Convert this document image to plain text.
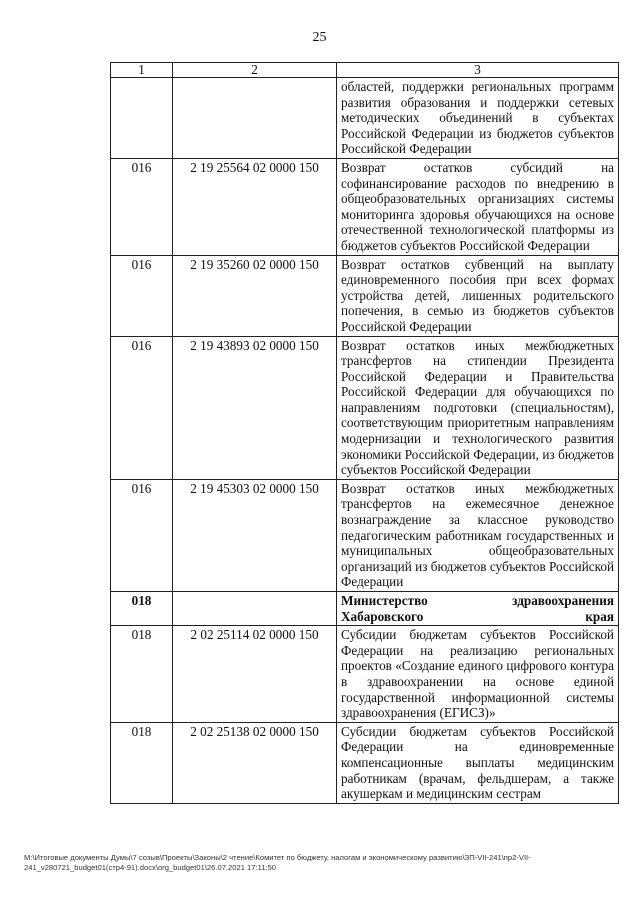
25
1	2	3
		областей, поддержки региональных программ развития образования и поддержки сетевых методических объединений в субъектах Российской Федерации из бюджетов субъектов Российской Федерации
016	2 19 25564 02 0000 150	Возврат остатков субсидий на софинансирование расходов по внедрению в общеобразовательных организациях системы мониторинга здоровья обучающихся на основе отечественной технологической платформы из бюджетов субъектов Российской Федерации
016	2 19 35260 02 0000 150	Возврат остатков субвенций на выплату единовременного пособия при всех формах устройства детей, лишенных родительского попечения, в семью из бюджетов субъектов Российской Федерации
016	2 19 43893 02 0000 150	Возврат остатков иных межбюджетных трансфертов на стипендии Президента Российской Федерации и Правительства Российской Федерации для обучающихся по направлениям подготовки (специальностям), соответствующим приоритетным направлениям модернизации и технологического развития экономики Российской Федерации, из бюджетов субъектов Российской Федерации
016	2 19 45303 02 0000 150	Возврат остатков иных межбюджетных трансфертов на ежемесячное денежное вознаграждение за классное руководство педагогическим работникам государственных и муниципальных общеобразовательных организаций из бюджетов субъектов Российской Федерации
018		Министерство здравоохранения Хабаровского края
018	2 02 25114 02 0000 150	Субсидии бюджетам субъектов Российской Федерации на реализацию региональных проектов «Создание единого цифрового контура в здравоохранении на основе единой государственной информационной системы здравоохранения (ЕГИСЗ)»
018	2 02 25138 02 0000 150	Субсидии бюджетам субъектов Российской Федерации на единовременные компенсационные выплаты медицинским работникам (врачам, фельдшерам, а также акушеркам и медицинским сестрам
М:\Итоговые документы Думы\7 созыв\Проекты\Законы\2 чтение\Комитет по бюджету, налогам и экономическому развитию\ЗП-VII-241\пр2-VII-
241_v280721_budget01(стр4-91).docx\org_budget01\26.07.2021 17:11:50
